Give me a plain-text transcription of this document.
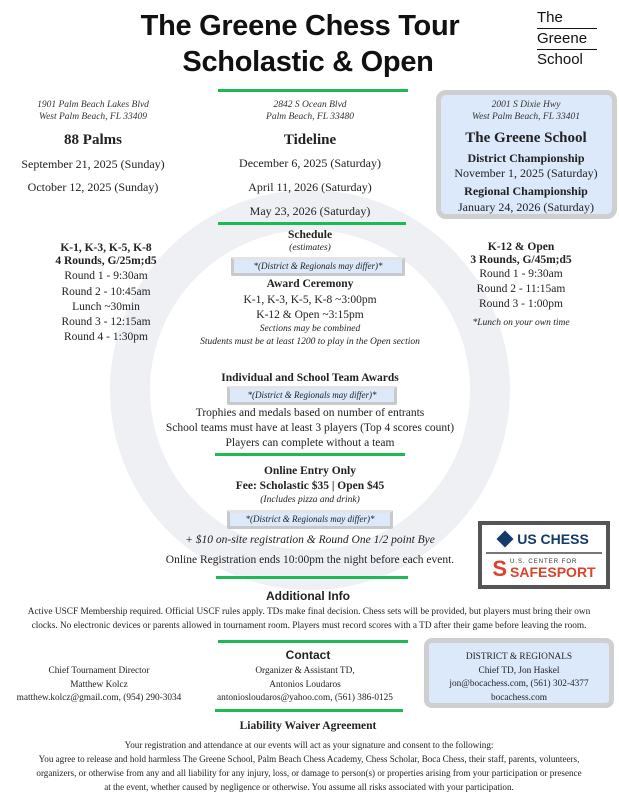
The Greene Chess Tour
Scholastic & Open
The
Greene
School
1901 Palm Beach Lakes Blvd
West Palm Beach, FL 33409
88 Palms
September 21, 2025 (Sunday)
October 12, 2025 (Sunday)
2842 S Ocean Blvd
Palm Beach, FL 33480
Tideline
December 6, 2025 (Saturday)
April 11, 2026 (Saturday)
May 23, 2026 (Saturday)
2001 S Dixie Hwy
West Palm Beach, FL 33401
The Greene School
District Championship
November 1, 2025 (Saturday)
Regional Championship
January 24, 2026 (Saturday)
Schedule
(estimates)
*(District & Regionals may differ)*
Award Ceremony
K-1, K-3, K-5, K-8 ~3:00pm
K-12 & Open ~3:15pm
Sections may be combined
Students must be at least 1200 to play in the Open section
K-1, K-3, K-5, K-8
4 Rounds, G/25m;d5
Round 1 - 9:30am
Round 2 - 10:45am
Lunch ~30min
Round 3 - 12:15am
Round 4 - 1:30pm
K-12 & Open
3 Rounds, G/45m;d5
Round 1 - 9:30am
Round 2 - 11:15am
Round 3 - 1:00pm
*Lunch on your own time
Individual and School Team Awards
*(District & Regionals may differ)*
Trophies and medals based on number of entrants
School teams must have at least 3 players (Top 4 scores count)
Players can complete without a team
Online Entry Only
Fee: Scholastic $35 | Open $45
(Includes pizza and drink)
*(District & Regionals may differ)*
+ $10 on-site registration & Round One 1/2 point Bye
Online Registration ends 10:00pm the night before each event.
US CHESS
S U.S. CENTER FOR
SAFESPORT
Additional Info
Active USCF Membership required. Official USCF rules apply. TDs make final decision. Chess sets will be provided, but players must bring their own
clocks. No electronic devices or parents allowed in tournament room. Players must record scores with a TD after their game before leaving the room.
Contact
Chief Tournament Director
Matthew Kolcz
matthew.kolcz@gmail.com, (954) 290-3034
Organizer & Assistant TD,
Antonios Loudaros
antoniosloudaros@yahoo.com, (561) 386-0125
DISTRICT & REGIONALS
Chief TD, Jon Haskel
jon@bocachess.com, (561) 302-4377
bocachess.com
Liability Waiver Agreement
Your registration and attendance at our events will act as your signature and consent to the following:
You agree to release and hold harmless The Greene School, Palm Beach Chess Academy, Chess Scholar, Boca Chess, their staff, parents, volunteers,
organizers, or otherwise from any and all liability for any injury, loss, or damage to person(s) or properties arising from your participation or presence
at the event, whether caused by negligence or otherwise. You assume all risks associated with your participation.
